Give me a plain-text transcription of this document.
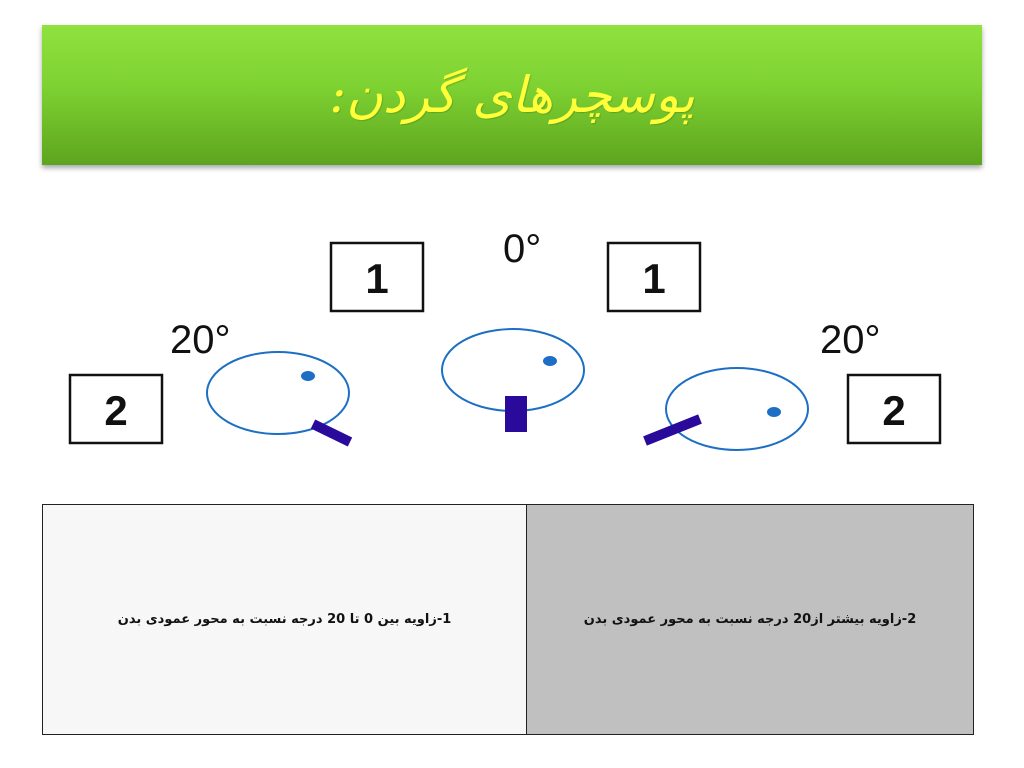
پوسچرهای گردن:
0°
20°	20°
1	1
2	2
1-زاویه بین 0 تا 20 درجه نسبت به محور عمودی بدن	2-زاویه بیشتر از20 درجه نسبت به محور عمودی بدن
